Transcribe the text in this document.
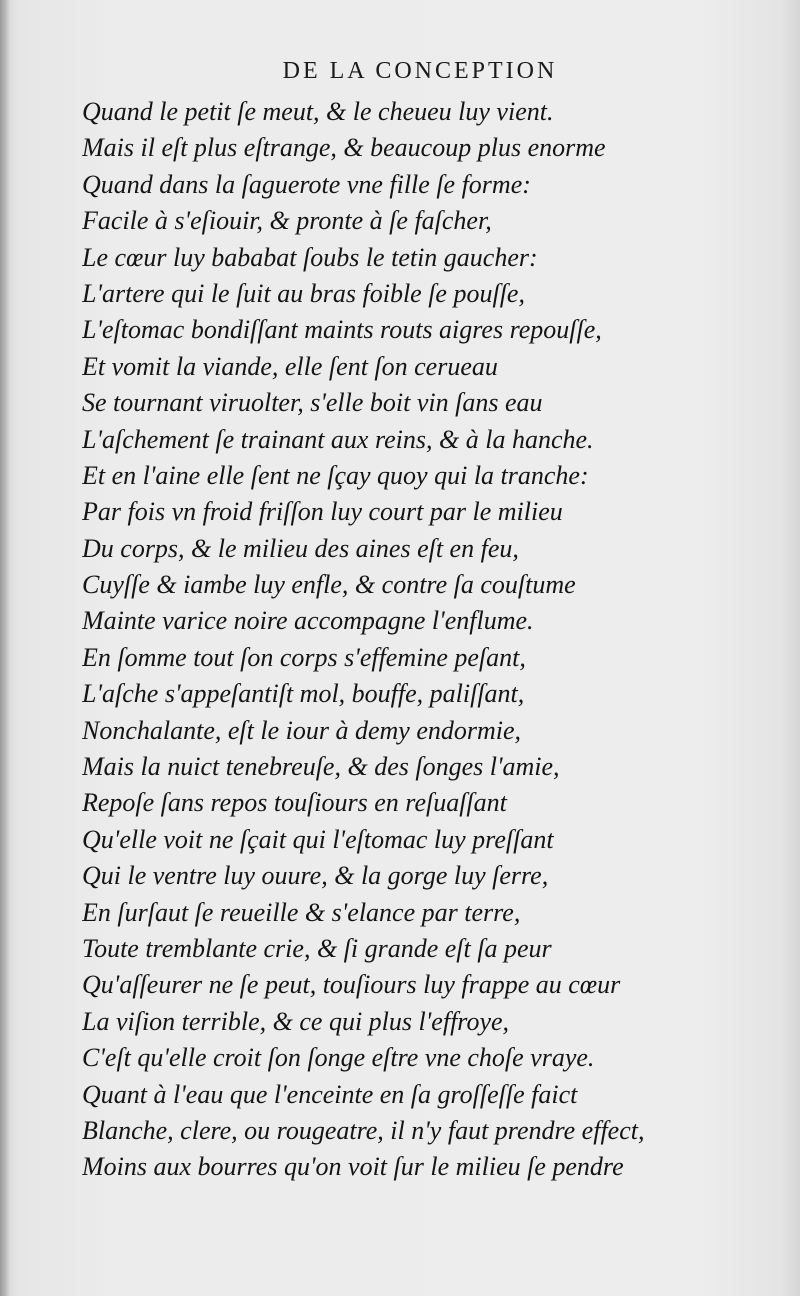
DE LA CONCEPTION
Quand le petit ſe meut, & le cheueu luy vient.
Mais il eſt plus eſtrange, & beaucoup plus enorme
Quand dans la ſaguerote vne fille ſe forme:
Facile à s'eſiouir, & pronte à ſe faſcher,
Le cœur luy bababat ſoubs le tetin gaucher:
L'artere qui le ſuit au bras foible ſe pouſſe,
L'eſtomac bondiſſant maints routs aigres repouſſe,
Et vomit la viande, elle ſent ſon cerueau
Se tournant viruolter, s'elle boit vin ſans eau
L'aſchement ſe trainant aux reins, & à la hanche.
Et en l'aine elle ſent ne ſçay quoy qui la tranche:
Par fois vn froid friſſon luy court par le milieu
Du corps, & le milieu des aines eſt en feu,
Cuyſſe & iambe luy enfle, & contre ſa couſtume
Mainte varice noire accompagne l'enflume.
En ſomme tout ſon corps s'effemine peſant,
L'aſche s'appeſantiſt mol, bouffe, paliſſant,
Nonchalante, eſt le iour à demy endormie,
Mais la nuict tenebreuſe, & des ſonges l'amie,
Repoſe ſans repos touſiours en reſuaſſant
Qu'elle voit ne ſçait qui l'eſtomac luy preſſant
Qui le ventre luy ouure, & la gorge luy ſerre,
En ſurſaut ſe reueille & s'elance par terre,
Toute tremblante crie, & ſi grande eſt ſa peur
Qu'aſſeurer ne ſe peut, touſiours luy frappe au cœur
La viſion terrible, & ce qui plus l'effroye,
C'eſt qu'elle croit ſon ſonge eſtre vne choſe vraye.
Quant à l'eau que l'enceinte en ſa groſſeſſe faict
Blanche, clere, ou rougeatre, il n'y faut prendre effect,
Moins aux bourres qu'on voit ſur le milieu ſe pendre
